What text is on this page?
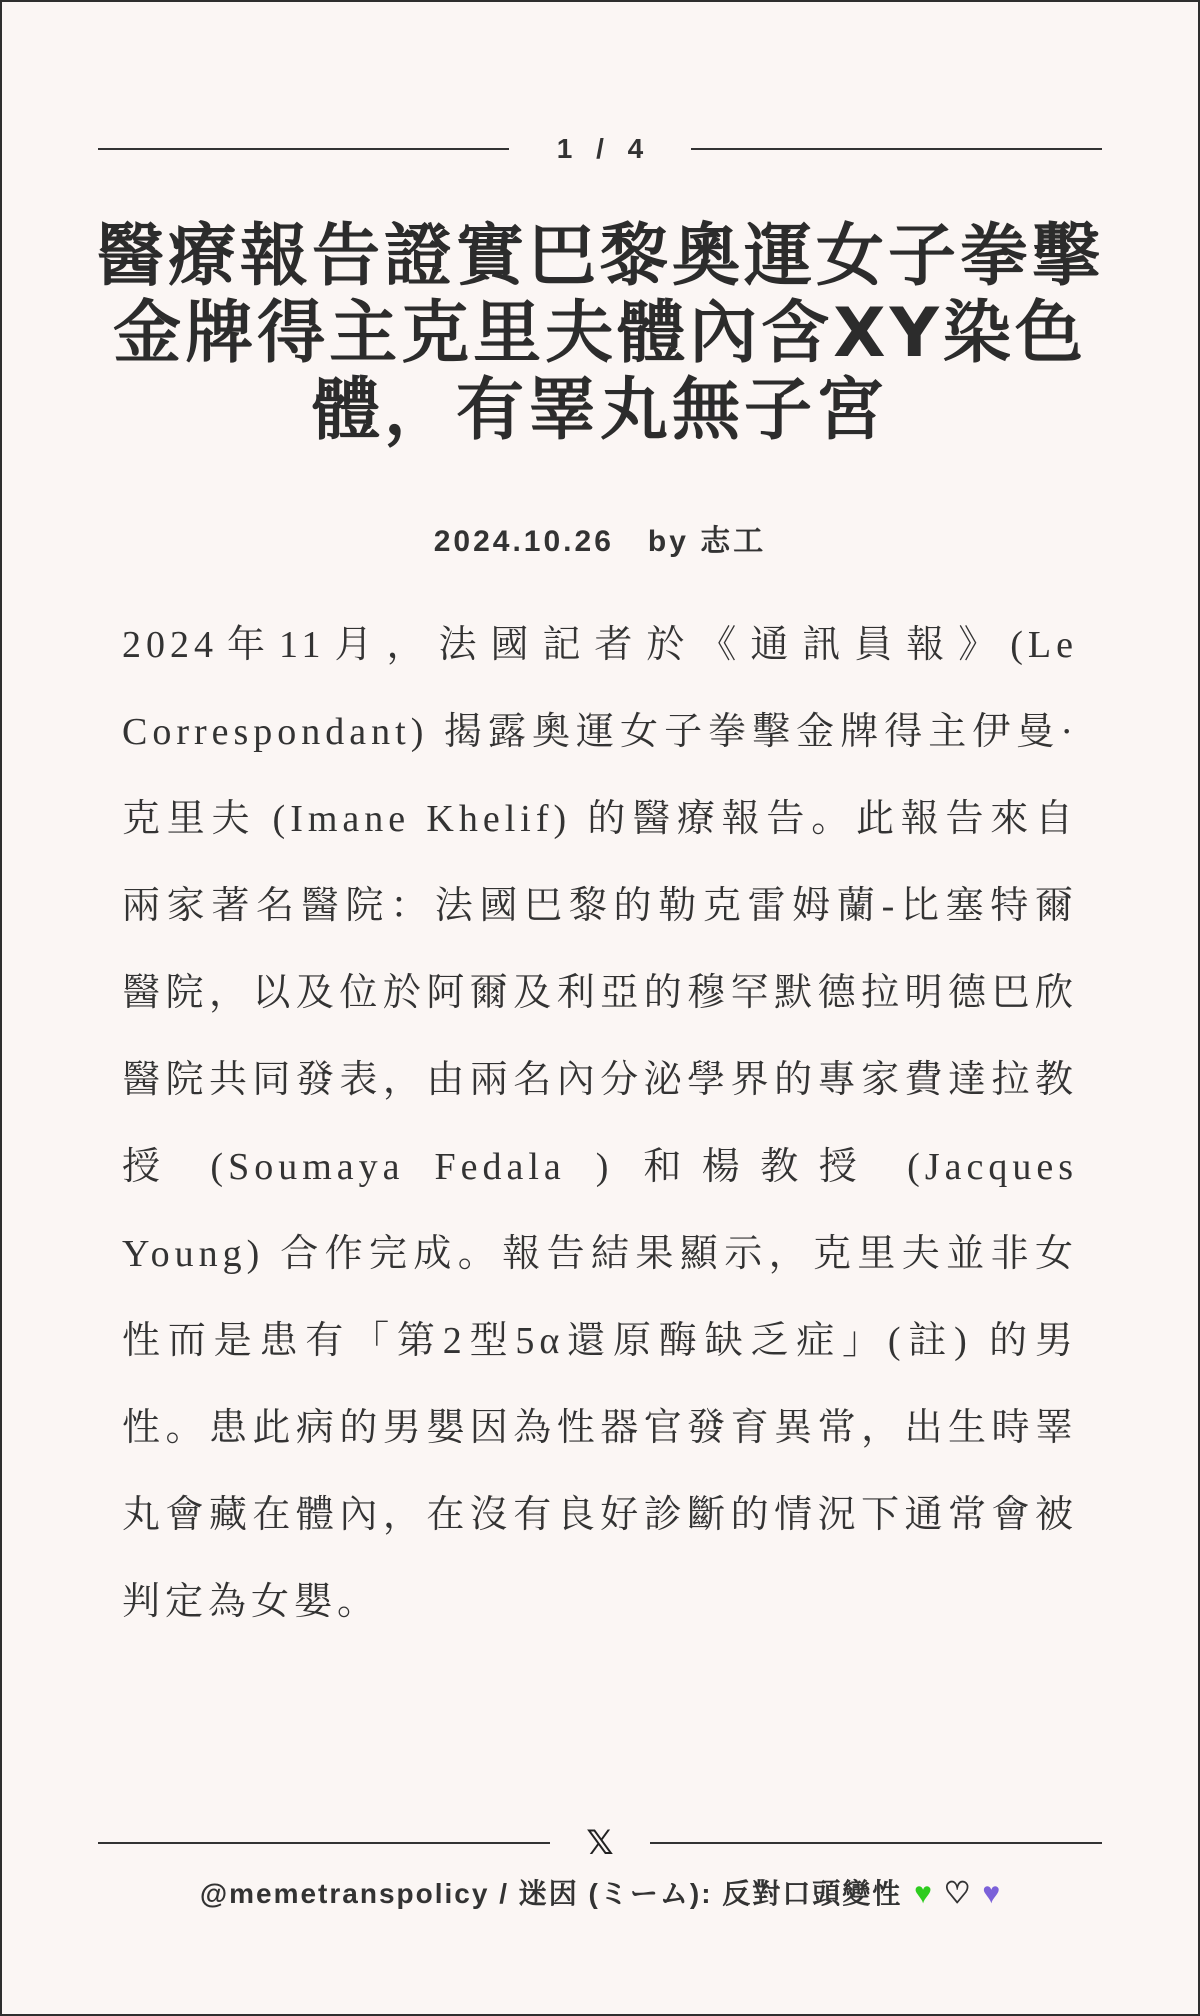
1 / 4
醫療報告證實巴黎奧運女子拳擊金牌得主克里夫體內含XY染色體，有睪丸無子宮
2024.10.26 by 志工

2024年11月，法國記者於《通訊員報》(Le Correspondant) 揭露奧運女子拳擊金牌得主伊曼·克里夫 (Imane Khelif) 的醫療報告。此報告來自兩家著名醫院：法國巴黎的勒克雷姆蘭-比塞特爾醫院，以及位於阿爾及利亞的穆罕默德拉明德巴欣醫院共同發表，由兩名內分泌學界的專家費達拉教授 (Soumaya Fedala ) 和楊教授 (Jacques Young) 合作完成。報告結果顯示，克里夫並非女性而是患有「第2型5α還原酶缺乏症」(註) 的男性。患此病的男嬰因為性器官發育異常，出生時睪丸會藏在體內，在沒有良好診斷的情況下通常會被判定為女嬰。

𝕏
@memetranspolicy / 迷因 (ミーム): 反對口頭變性 ♥ ♡ ♥
